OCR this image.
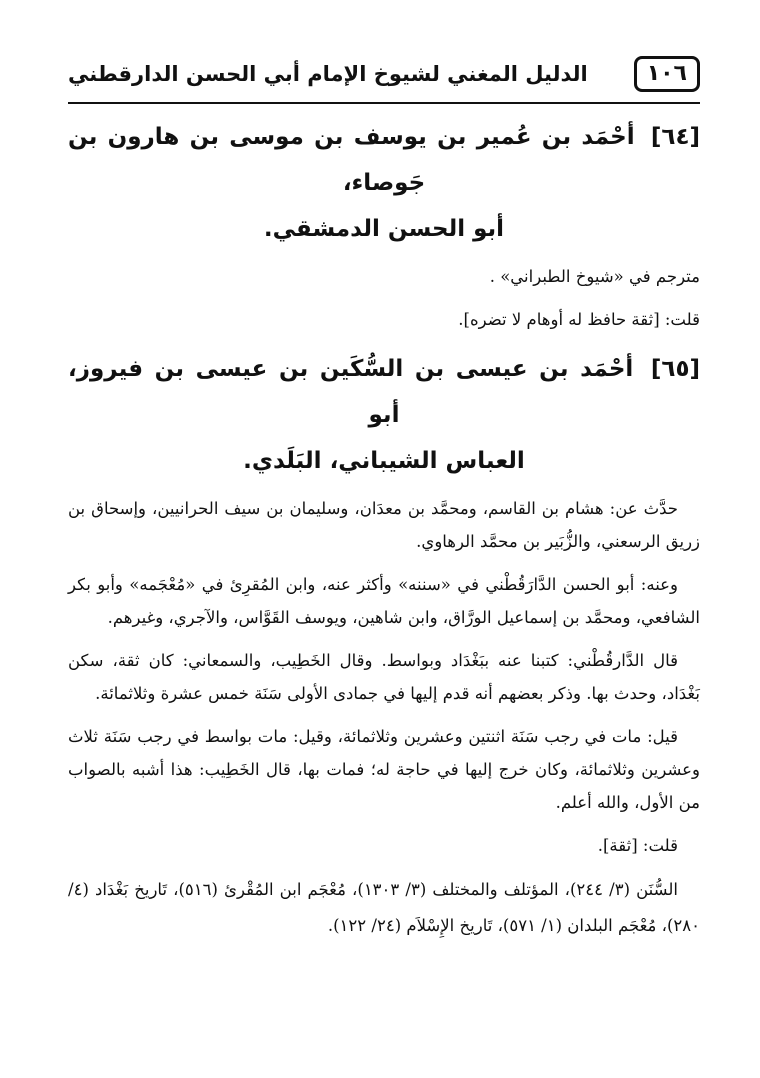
١٠٦
الدليل المغني لشيوخ الإمام أبي الحسن الدارقطني
[٦٤] أحْمَد بن عُمير بن يوسف بن موسى بن هارون بن جَوصاء،
أبو الحسن الدمشقي.

مترجم في «شيوخ الطبراني» .

قلت: [ثقة حافظ له أوهام لا تضره].

[٦٥] أحْمَد بن عيسى بن السُّكَين بن عيسى بن فيروز، أبو
العباس الشيباني، البَلَدي.

حدَّث عن: هشام بن القاسم، ومحمَّد بن معدَان، وسليمان بن سيف الحرانيين، وإسحاق بن زريق الرسعني، والزُّبَير بن محمَّد الرهاوي.

وعنه: أبو الحسن الدَّارَقُطْني في «سننه» وأكثر عنه، وابن المُقرِئ في «مُعْجَمه» وأبو بكر الشافعي، ومحمَّد بن إسماعيل الورَّاق، وابن شاهين، ويوسف القَوَّاس، والآجري، وغيرهم.

قال الدَّارقُطْني: كتبنا عنه ببَغْدَاد وبواسط. وقال الخَطِيب، والسمعاني: كان ثقة، سكن بَغْدَاد، وحدث بها. وذكر بعضهم أنه قدم إليها في جمادى الأولى سَنَة خمس عشرة وثلاثمائة.

قيل: مات في رجب سَنَة اثنتين وعشرين وثلاثمائة، وقيل: مات بواسط في رجب سَنَة ثلاث وعشرين وثلاثمائة، وكان خرج إليها في حاجة له؛ فمات بها، قال الخَطِيب: هذا أشبه بالصواب من الأول، والله أعلم.

قلت: [ثقة].

السُّنَن (٣/ ٢٤٤)، المؤتلف والمختلف (٣/ ١٣٠٣)، مُعْجَم ابن المُقْرئ (٥١٦)، تَاريخ بَغْدَاد (٤/ ٢٨٠)، مُعْجَم البلدان (١/ ٥٧١)، تَاريخ الإِسْلاَم (٢٤/ ١٢٢).
